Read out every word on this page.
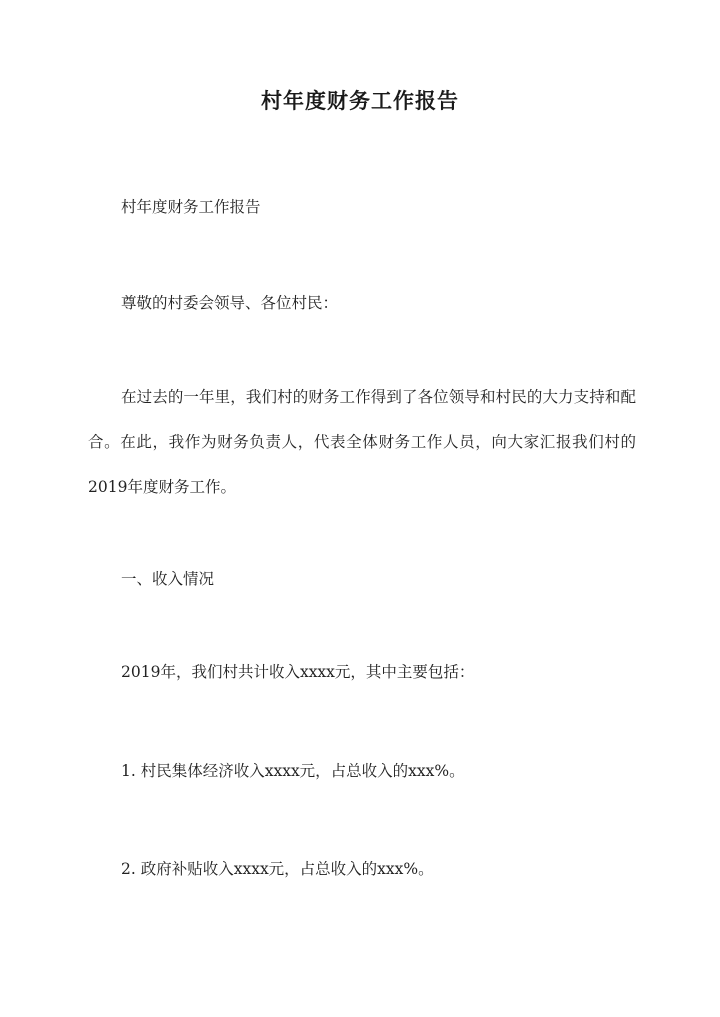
村年度财务工作报告

村年度财务工作报告

尊敬的村委会领导、各位村民：

在过去的一年里，我们村的财务工作得到了各位领导和村民的大力支持和配合。在此，我作为财务负责人，代表全体财务工作人员，向大家汇报我们村的2019年度财务工作。

一、收入情况

2019年，我们村共计收入xxxx元，其中主要包括：

1. 村民集体经济收入xxxx元，占总收入的xxx%。

2. 政府补贴收入xxxx元，占总收入的xxx%。
